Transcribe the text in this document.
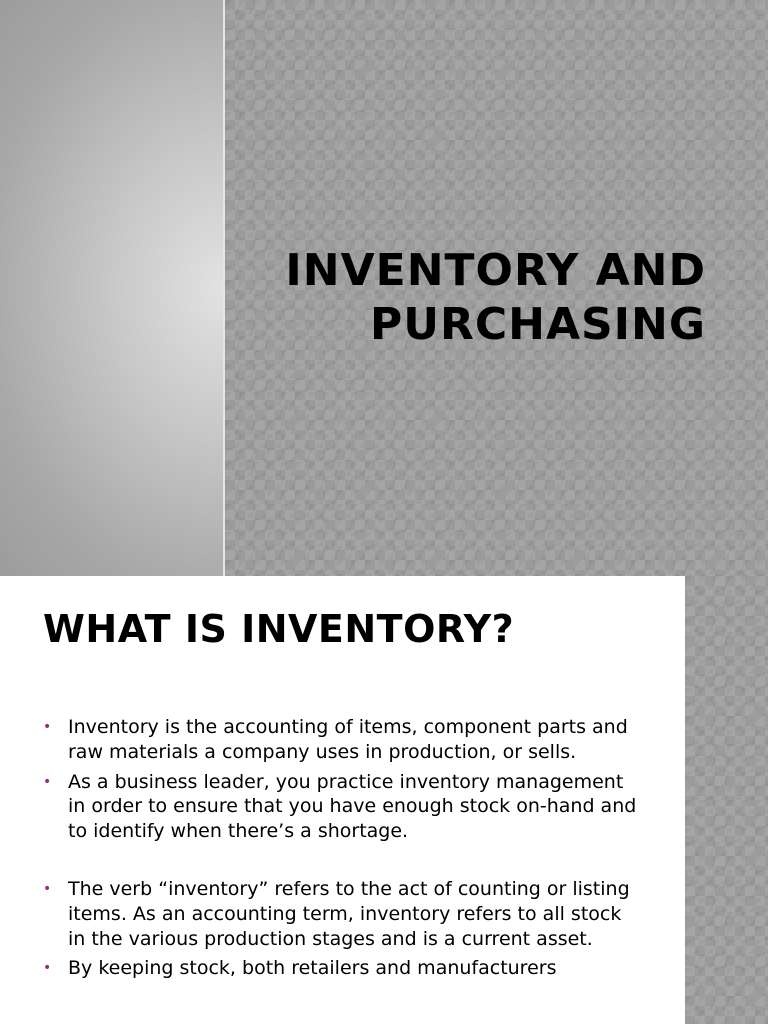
INVENTORY AND PURCHASING
WHAT IS INVENTORY?
• Inventory is the accounting of items, component parts and raw materials a company uses in production, or sells.
• As a business leader, you practice inventory management in order to ensure that you have enough stock on-hand and to identify when there’s a shortage.
• The verb “inventory” refers to the act of counting or listing items. As an accounting term, inventory refers to all stock in the various production stages and is a current asset.
• By keeping stock, both retailers and manufacturers
